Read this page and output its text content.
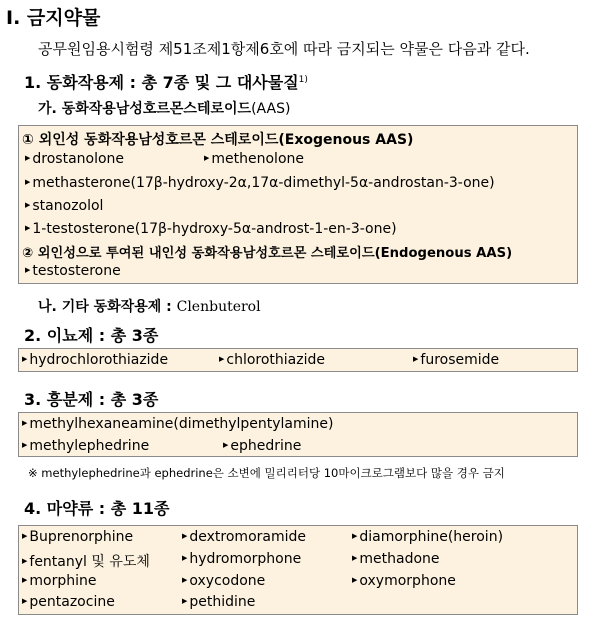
Ⅰ. 금지약물
공무원임용시험령 제51조제1항제6호에 따라 금지되는 약물은 다음과 같다.
1. 동화작용제 : 총 7종 및 그 대사물질$^{1)}$
가. 동화작용남성호르몬스테로이드(AAS)
① 외인성 동화작용남성호르몬 스테로이드(Exogenous AAS)
▶ drostanolone	▶ methenolone
▶ methasterone(17β-hydroxy-2α,17α-dimethyl-5α-androstan-3-one)
▶ stanozolol
▶ 1-testosterone(17β-hydroxy-5α-androst-1-en-3-one)
② 외인성으로 투여된 내인성 동화작용남성호르몬 스테로이드(Endogenous AAS)
▶ testosterone
나. 기타 동화작용제 : Clenbuterol
2. 이뇨제 : 총 3종
▶ hydrochlorothiazide	▶ chlorothiazide	▶ furosemide
3. 흥분제 : 총 3종
▶ methylhexaneamine(dimethylpentylamine)
▶ methylephedrine	▶ ephedrine
※ methylephedrine과 ephedrine은 소변에 밀리리터당 10마이크로그램보다 많을 경우 금지
4. 마약류 : 총 11종
▶ Buprenorphine	▶ dextromoramide	▶ diamorphine(heroin)
▶ fentanyl 및 유도체	▶ hydromorphone	▶ methadone
▶ morphine	▶ oxycodone	▶ oxymorphone
▶ pentazocine	▶ pethidine
